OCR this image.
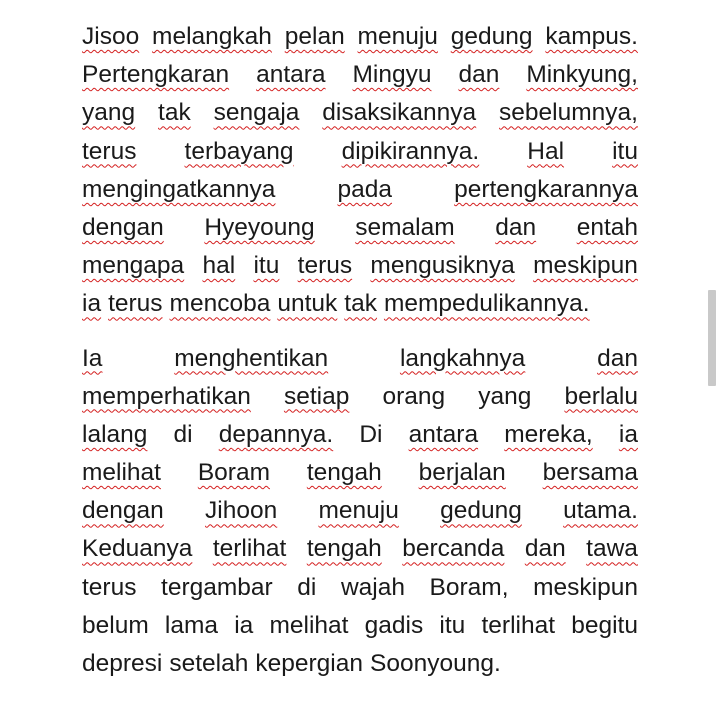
Jisoo melangkah pelan menuju gedung kampus.
Pertengkaran antara Mingyu dan Minkyung,
yang tak sengaja disaksikannya sebelumnya,
terus terbayang dipikirannya. Hal itu
mengingatkannya	pada	pertengkarannya
dengan Hyeyoung semalam dan entah
mengapa hal itu terus mengusiknya meskipun
ia terus mencoba untuk tak mempedulikannya.
Ia	menghentikan	langkahnya	dan
memperhatikan setiap orang yang berlalu
lalang di depannya. Di antara mereka, ia
melihat Boram tengah berjalan bersama
dengan Jihoon menuju gedung utama.
Keduanya terlihat tengah bercanda dan tawa
terus tergambar di wajah Boram, meskipun
belum lama ia melihat gadis itu terlihat begitu
depresi setelah kepergian Soonyoung.
